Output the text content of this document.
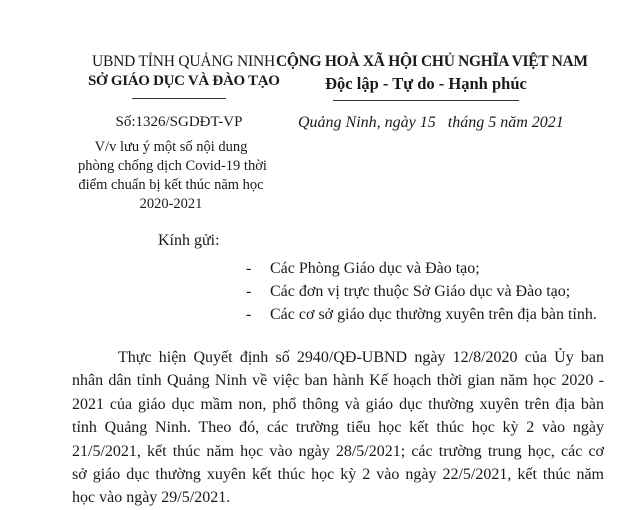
UBND TỈNH QUẢNG NINH
SỞ GIÁO DỤC VÀ ĐÀO TẠO
CỘNG HOÀ XÃ HỘI CHỦ NGHĨA VIỆT NAM
Độc lập - Tự do - Hạnh phúc
Số:1326/SGDĐT-VP	Quảng Ninh, ngày 15   tháng 5 năm 2021
V/v lưu ý một số nội dung
phòng chống dịch Covid-19 thời
điểm chuẩn bị kết thúc năm học
2020-2021
Kính gửi:
-	Các Phòng Giáo dục và Đào tạo;
-	Các đơn vị trực thuộc Sở Giáo dục và Đào tạo;
-	Các cơ sở giáo dục thường xuyên trên địa bàn tỉnh.
Thực hiện Quyết định số 2940/QĐ-UBND ngày 12/8/2020 của Ủy ban
nhân dân tỉnh Quảng Ninh về việc ban hành Kế hoạch thời gian năm học 2020 -
2021 của giáo dục mầm non, phổ thông và giáo dục thường xuyên trên địa bàn
tỉnh Quảng Ninh. Theo đó, các trường tiểu học kết thúc học kỳ 2 vào ngày
21/5/2021, kết thúc năm học vào ngày 28/5/2021; các trường trung học, các cơ
sở giáo dục thường xuyên kết thúc học kỳ 2 vào ngày 22/5/2021, kết thúc năm
học vào ngày 29/5/2021.
